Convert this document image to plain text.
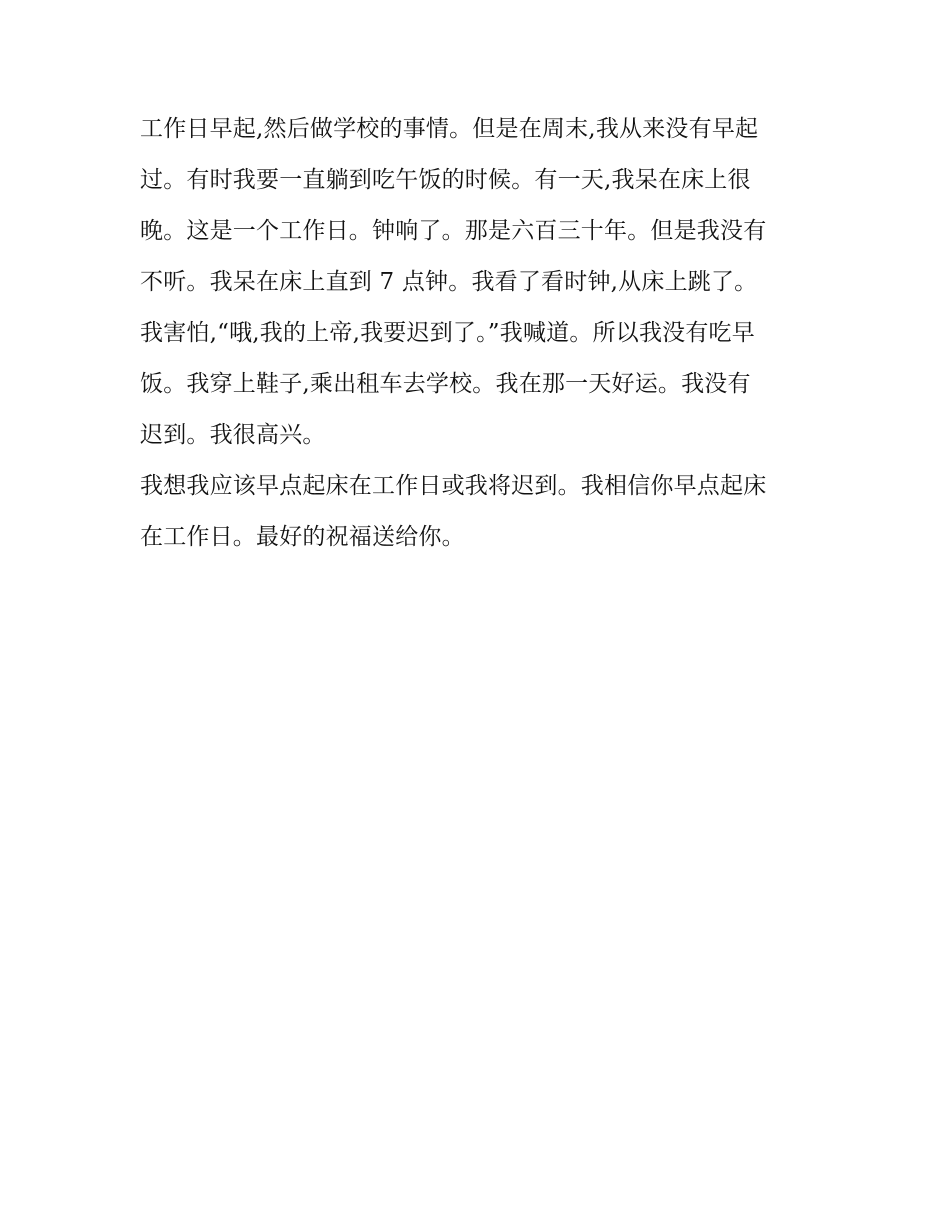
工作日早起,然后做学校的事情。但是在周末,我从来没有早起
过。有时我要一直躺到吃午饭的时候。有一天,我呆在床上很
晚。这是一个工作日。钟响了。那是六百三十年。但是我没有
不听。我呆在床上直到 7 点钟。我看了看时钟,从床上跳了。
我害怕,“哦,我的上帝,我要迟到了。”我喊道。所以我没有吃早
饭。我穿上鞋子,乘出租车去学校。我在那一天好运。我没有
迟到。我很高兴。
我想我应该早点起床在工作日或我将迟到。我相信你早点起床
在工作日。最好的祝福送给你。
